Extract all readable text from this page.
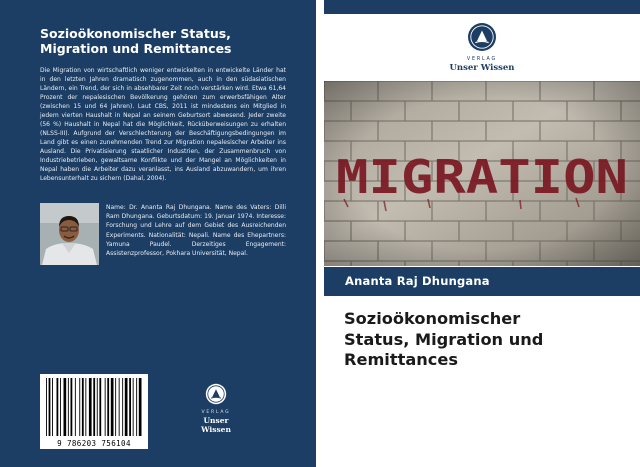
Sozioökonomischer Status,
Migration und Remittances

Die Migration von wirtschaftlich weniger entwickelten in entwickelte Länder hat in den letzten Jahren dramatisch zugenommen, auch in den südasiatischen Ländern, ein Trend, der sich in absehbarer Zeit noch verstärken wird. Etwa 61,64 Prozent der nepalesischen Bevölkerung gehören zum erwerbsfähigen Alter (zwischen 15 und 64 Jahren). Laut CBS, 2011 ist mindestens ein Mitglied in jedem vierten Haushalt in Nepal an seinem Geburtsort abwesend. Jeder zweite (56 %) Haushalt in Nepal hat die Möglichkeit, Rücküberweisungen zu erhalten (NLSS-III). Aufgrund der Verschlechterung der Beschäftigungsbedingungen im Land gibt es einen zunehmenden Trend zur Migration nepalesischer Arbeiter ins Ausland. Die Privatisierung staatlicher Industrien, der Zusammenbruch von Industriebetrieben, gewaltsame Konflikte und der Mangel an Möglichkeiten in Nepal haben die Arbeiter dazu veranlasst, ins Ausland abzuwandern, um ihren Lebensunterhalt zu sichern (Dahal, 2004).

Name: Dr. Ananta Raj Dhungana. Name des Vaters: Dilli Ram Dhungana. Geburtsdatum: 19. Januar 1974. Interesse: Forschung und Lehre auf dem Gebiet des Ausreichenden Experiments. Nationalität: Nepali. Name des Ehepartners: Yamuna Paudel. Derzeitiges Engagement: Assistenzprofessor, Pokhara Universität, Nepal.

9 786203 756104
VERLAG
Unser Wissen
VERLAG
Unser Wissen
Ananta Raj Dhungana
Sozioökonomischer
Status, Migration und
Remittances
